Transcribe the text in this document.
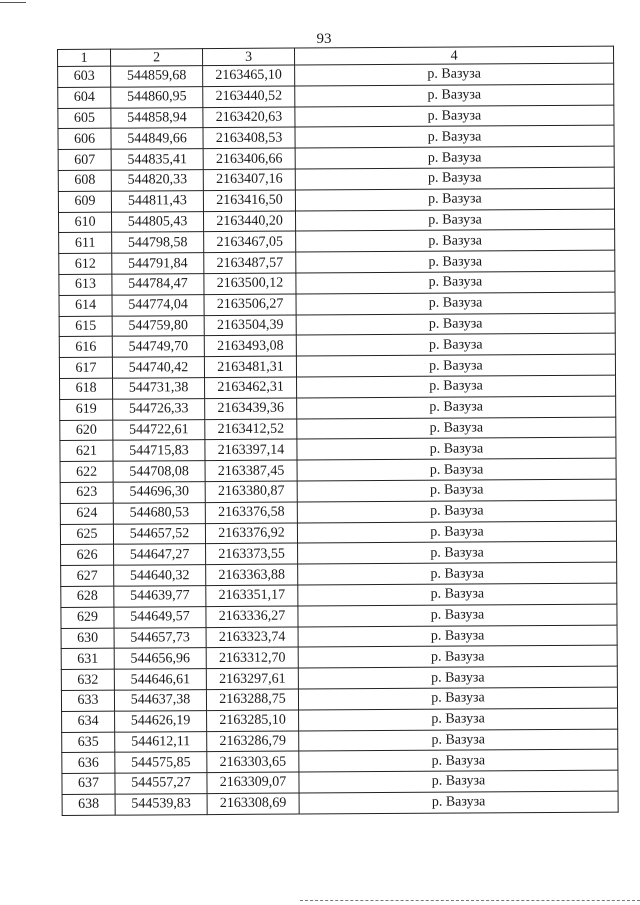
93
1	2	3	4
603	544859,68	2163465,10	р. Вазуза
604	544860,95	2163440,52	р. Вазуза
605	544858,94	2163420,63	р. Вазуза
606	544849,66	2163408,53	р. Вазуза
607	544835,41	2163406,66	р. Вазуза
608	544820,33	2163407,16	р. Вазуза
609	544811,43	2163416,50	р. Вазуза
610	544805,43	2163440,20	р. Вазуза
611	544798,58	2163467,05	р. Вазуза
612	544791,84	2163487,57	р. Вазуза
613	544784,47	2163500,12	р. Вазуза
614	544774,04	2163506,27	р. Вазуза
615	544759,80	2163504,39	р. Вазуза
616	544749,70	2163493,08	р. Вазуза
617	544740,42	2163481,31	р. Вазуза
618	544731,38	2163462,31	р. Вазуза
619	544726,33	2163439,36	р. Вазуза
620	544722,61	2163412,52	р. Вазуза
621	544715,83	2163397,14	р. Вазуза
622	544708,08	2163387,45	р. Вазуза
623	544696,30	2163380,87	р. Вазуза
624	544680,53	2163376,58	р. Вазуза
625	544657,52	2163376,92	р. Вазуза
626	544647,27	2163373,55	р. Вазуза
627	544640,32	2163363,88	р. Вазуза
628	544639,77	2163351,17	р. Вазуза
629	544649,57	2163336,27	р. Вазуза
630	544657,73	2163323,74	р. Вазуза
631	544656,96	2163312,70	р. Вазуза
632	544646,61	2163297,61	р. Вазуза
633	544637,38	2163288,75	р. Вазуза
634	544626,19	2163285,10	р. Вазуза
635	544612,11	2163286,79	р. Вазуза
636	544575,85	2163303,65	р. Вазуза
637	544557,27	2163309,07	р. Вазуза
638	544539,83	2163308,69	р. Вазуза
